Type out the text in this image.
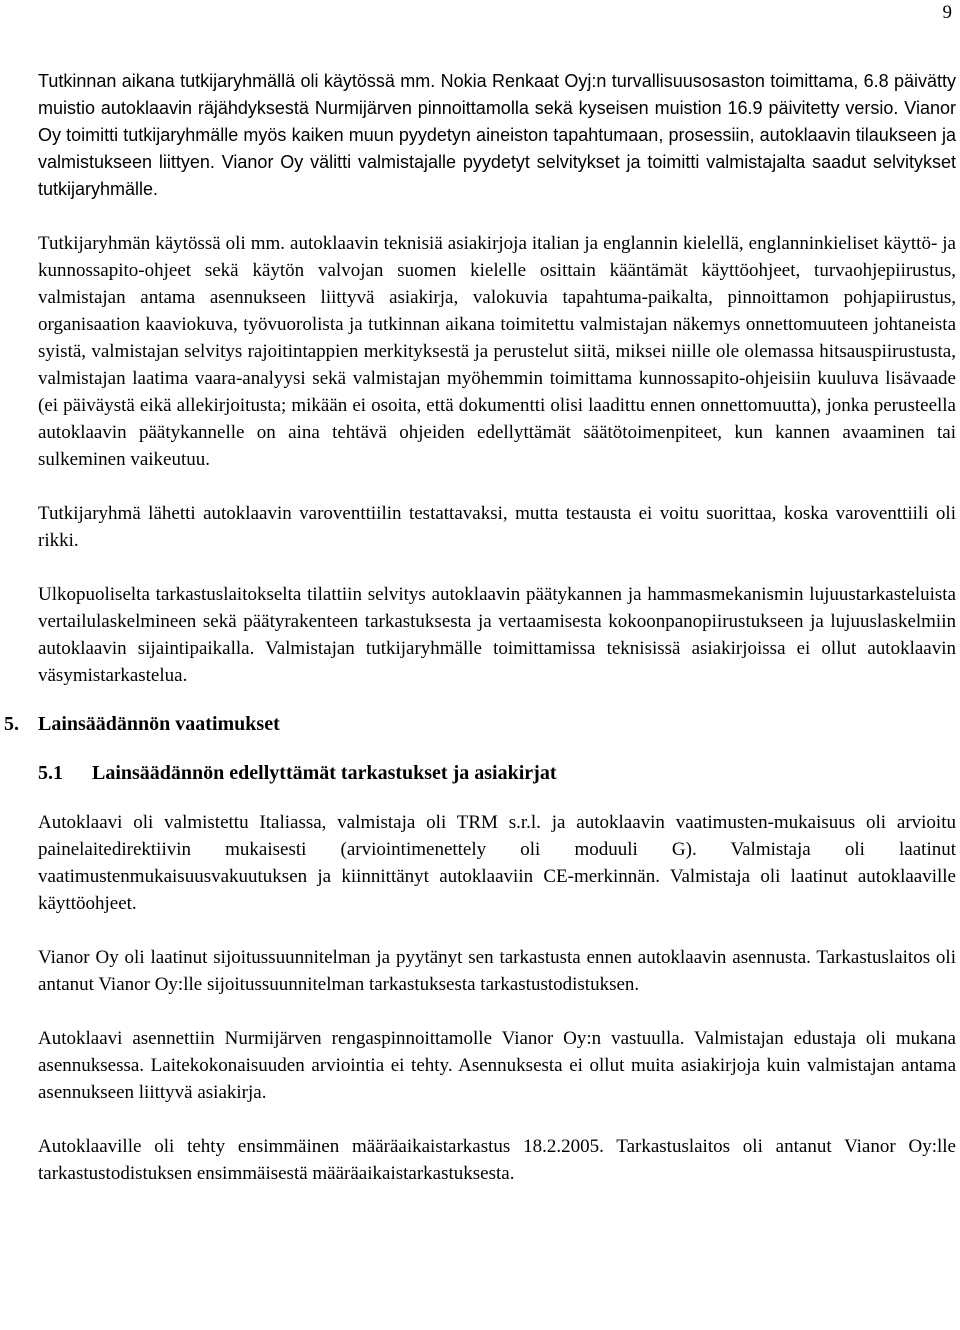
9

Tutkinnan aikana tutkijaryhmällä oli käytössä mm. Nokia Renkaat Oyj:n turvallisuusosaston toimittama, 6.8 päivätty muistio autoklaavin räjähdyksestä Nurmijärven pinnoittamolla sekä kyseisen muistion 16.9 päivitetty versio. Vianor Oy toimitti tutkijaryhmälle myös kaiken muun pyydetyn aineiston tapahtumaan, prosessiin, autoklaavin tilaukseen ja valmistukseen liittyen. Vianor Oy välitti valmistajalle pyydetyt selvitykset ja toimitti valmistajalta saadut selvitykset tutkijaryhmälle.

Tutkijaryhmän käytössä oli mm. autoklaavin teknisiä asiakirjoja italian ja englannin kielellä, englanninkieliset käyttö- ja kunnossapito-ohjeet sekä käytön valvojan suomen kielelle osittain kääntämät käyttöohjeet, turvaohjepiirustus, valmistajan antama asennukseen liittyvä asiakirja, valokuvia tapahtuma-paikalta, pinnoittamon pohjapiirustus, organisaation kaaviokuva, työvuorolista ja tutkinnan aikana toimitettu valmistajan näkemys onnettomuuteen johtaneista syistä, valmistajan selvitys rajoitintappien merkityksestä ja perustelut siitä, miksei niille ole olemassa hitsauspiirustusta, valmistajan laatima vaara-analyysi sekä valmistajan myöhemmin toimittama kunnossapito-ohjeisiin kuuluva lisävaade (ei päiväystä eikä allekirjoitusta; mikään ei osoita, että dokumentti olisi laadittu ennen onnettomuutta), jonka perusteella autoklaavin päätykannelle on aina tehtävä ohjeiden edellyttämät säätötoimenpiteet, kun kannen avaaminen tai sulkeminen vaikeutuu.

Tutkijaryhmä lähetti autoklaavin varoventtiilin testattavaksi, mutta testausta ei voitu suorittaa, koska varoventtiili oli rikki.

Ulkopuoliselta tarkastuslaitokselta tilattiin selvitys autoklaavin päätykannen ja hammasmekanismin lujuustarkasteluista vertailulaskelmineen sekä päätyrakenteen tarkastuksesta ja vertaamisesta kokoonpanopiirustukseen ja lujuuslaskelmiin autoklaavin sijaintipaikalla. Valmistajan tutkijaryhmälle toimittamissa teknisissä asiakirjoissa ei ollut autoklaavin väsymistarkastelua.

5. Lainsäädännön vaatimukset
5.1	Lainsäädännön edellyttämät tarkastukset ja asiakirjat

Autoklaavi oli valmistettu Italiassa, valmistaja oli TRM s.r.l. ja autoklaavin vaatimusten-mukaisuus oli arvioitu painelaitedirektiivin mukaisesti (arviointimenettely oli moduuli G). Valmistaja oli laatinut vaatimustenmukaisuusvakuutuksen ja kiinnittänyt autoklaaviin CE-merkinnän. Valmistaja oli laatinut autoklaaville käyttöohjeet.

Vianor Oy oli laatinut sijoitussuunnitelman ja pyytänyt sen tarkastusta ennen autoklaavin asennusta. Tarkastuslaitos oli antanut Vianor Oy:lle sijoitussuunnitelman tarkastuksesta tarkastustodistuksen.

Autoklaavi asennettiin Nurmijärven rengaspinnoittamolle Vianor Oy:n vastuulla. Valmistajan edustaja oli mukana asennuksessa. Laitekokonaisuuden arviointia ei tehty. Asennuksesta ei ollut muita asiakirjoja kuin valmistajan antama asennukseen liittyvä asiakirja.

Autoklaaville oli tehty ensimmäinen määräaikaistarkastus 18.2.2005. Tarkastuslaitos oli antanut Vianor Oy:lle tarkastustodistuksen ensimmäisestä määräaikaistarkastuksesta.
